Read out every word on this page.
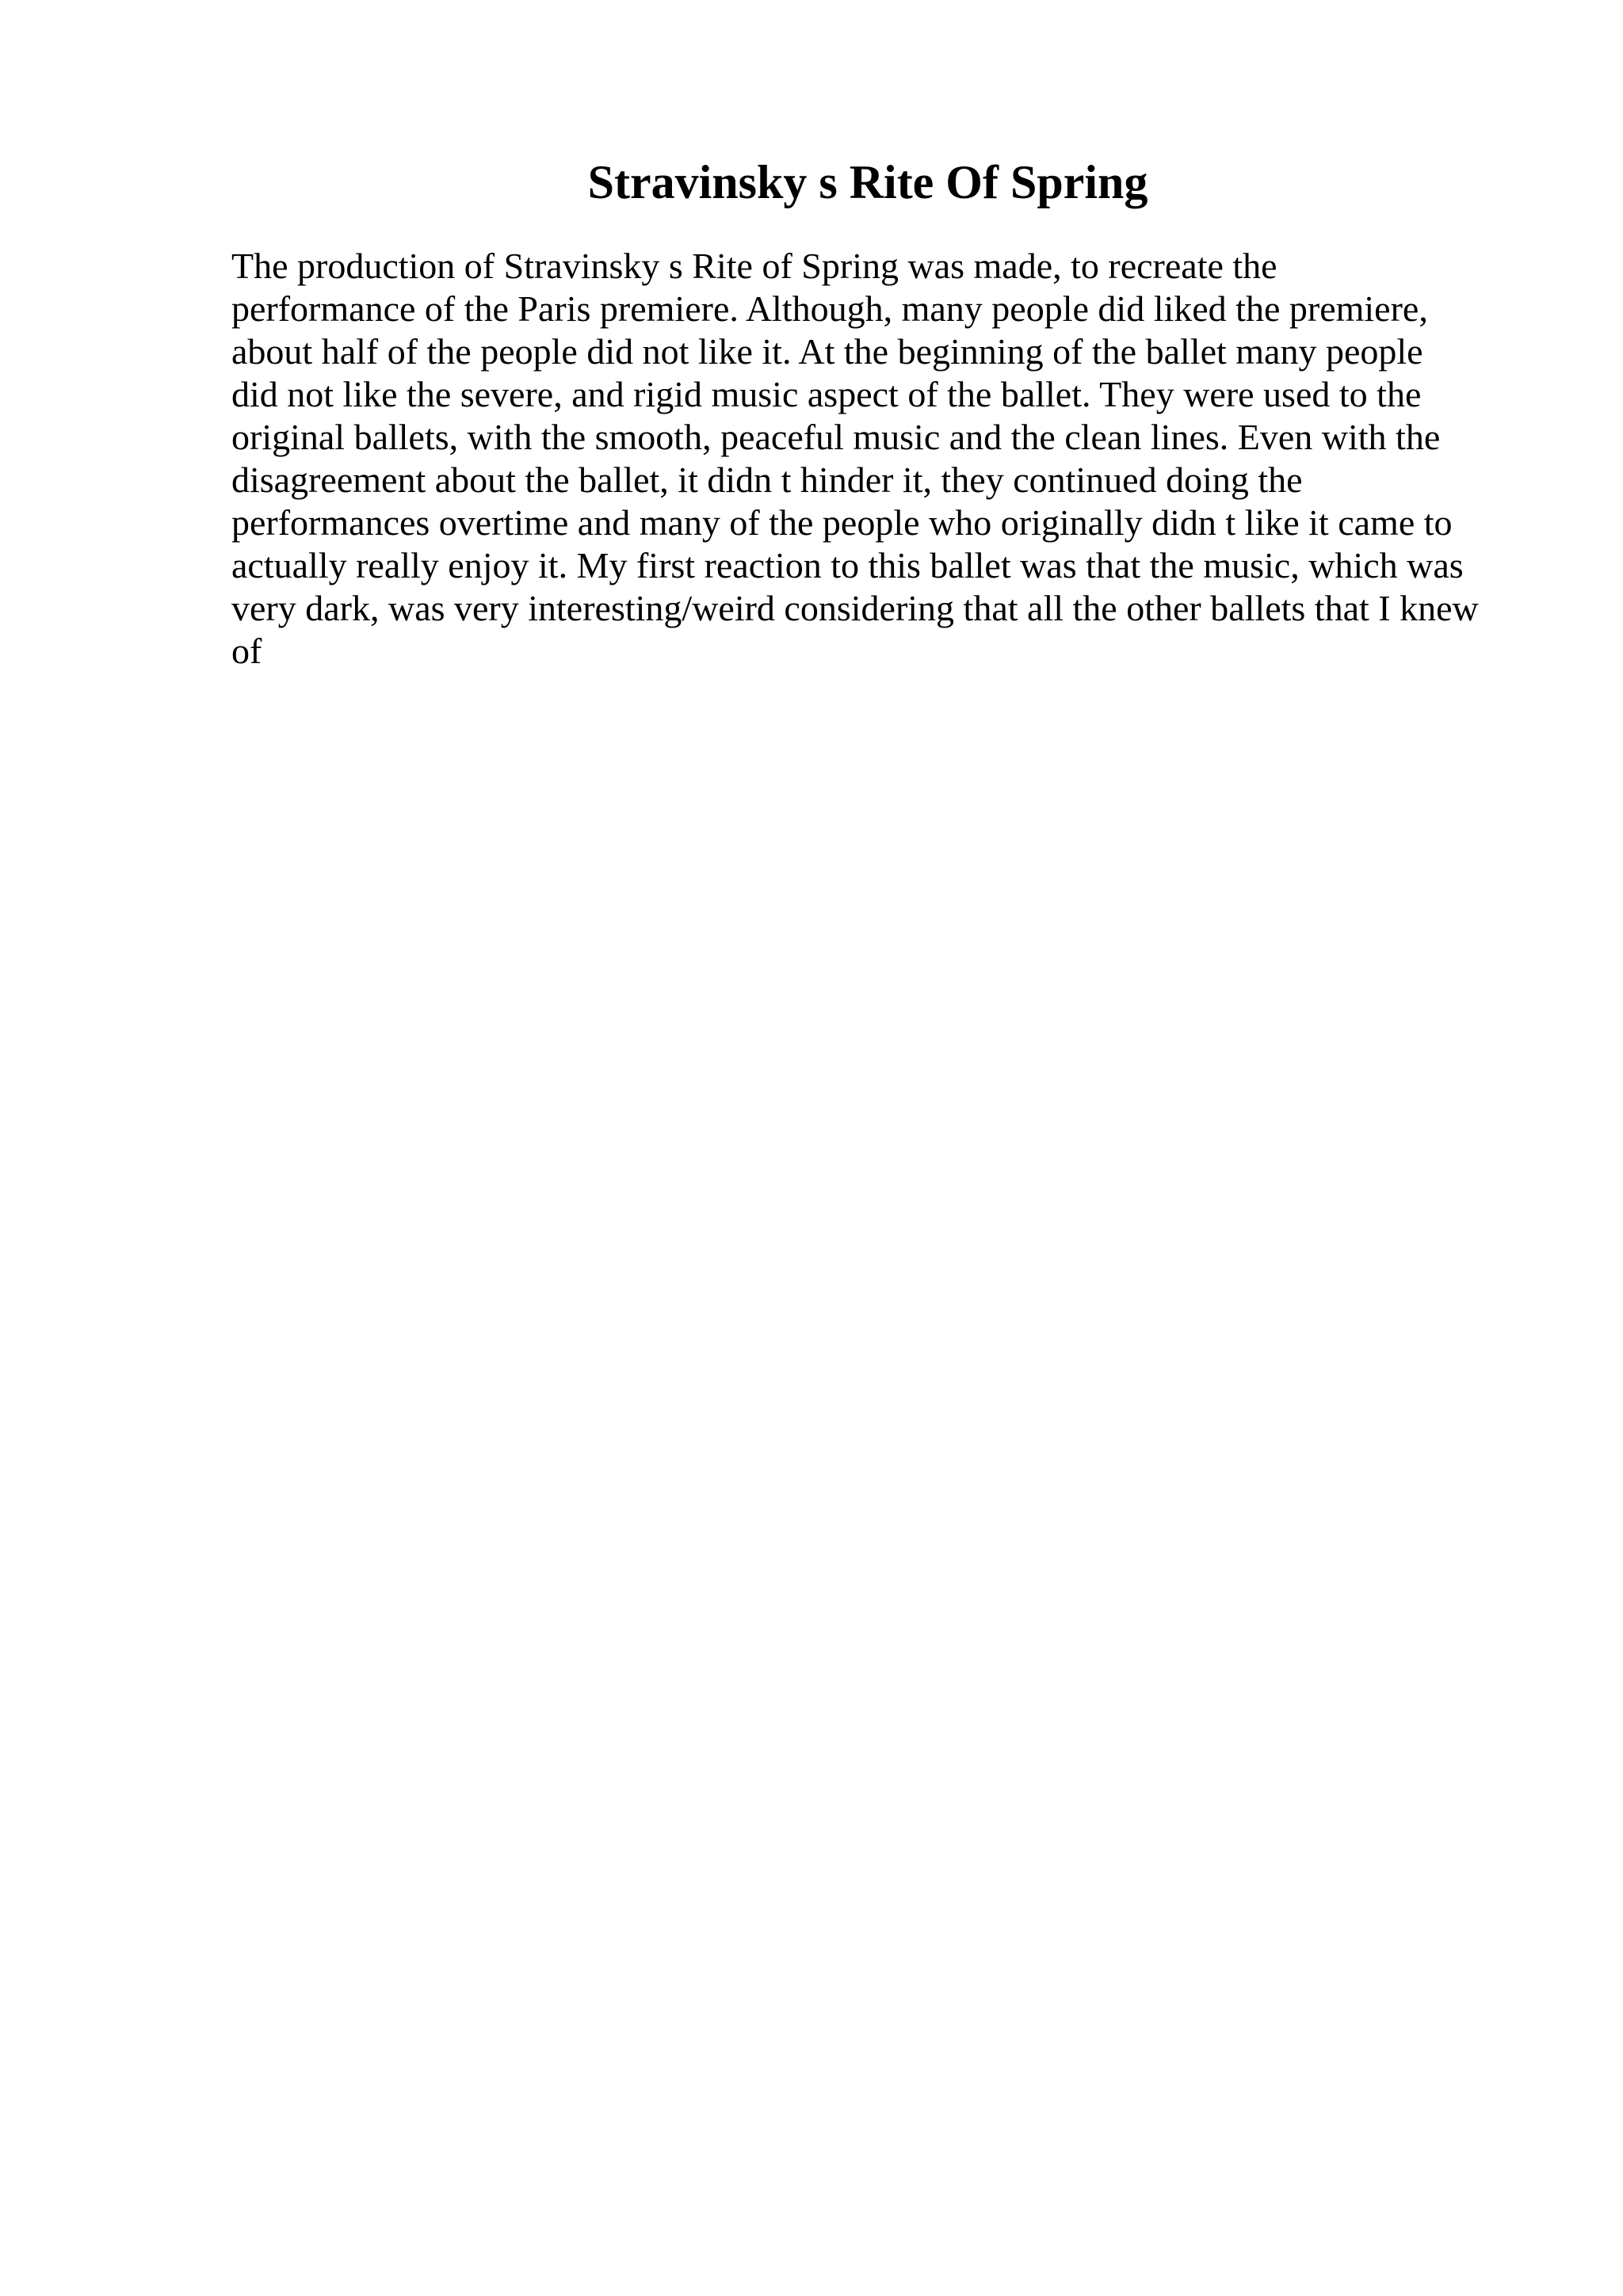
Stravinsky s Rite Of Spring
The production of Stravinsky s Rite of Spring was made, to recreate the
performance of the Paris premiere. Although, many people did liked the premiere,
about half of the people did not like it. At the beginning of the ballet many people
did not like the severe, and rigid music aspect of the ballet. They were used to the
original ballets, with the smooth, peaceful music and the clean lines. Even with the
disagreement about the ballet, it didn t hinder it, they continued doing the
performances overtime and many of the people who originally didn t like it came to
actually really enjoy it. My first reaction to this ballet was that the music, which was
very dark, was very interesting/weird considering that all the other ballets that I knew
of
